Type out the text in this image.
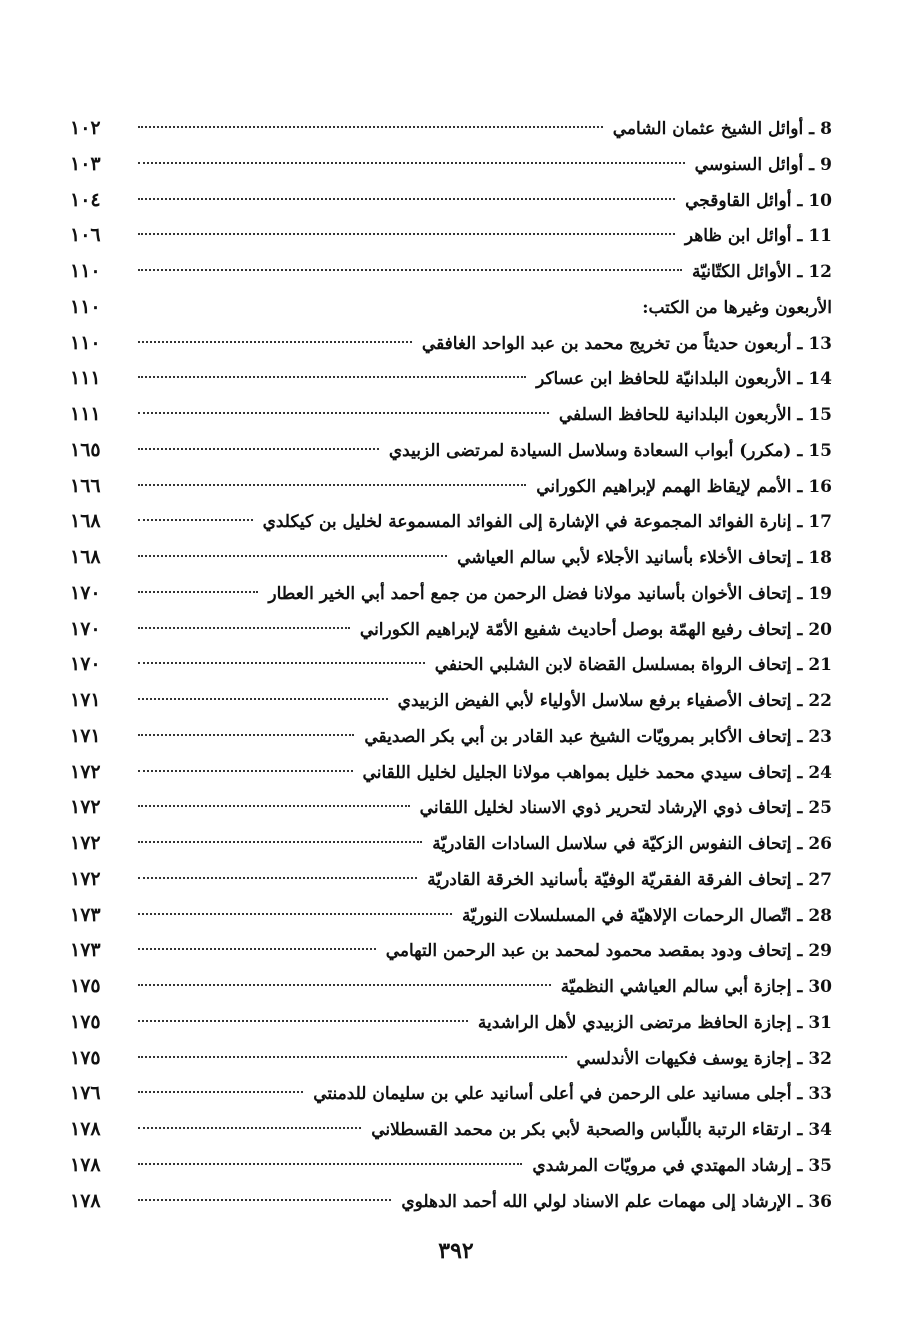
8ـ أوائل الشيخ عثمان الشامي
١٠٢
9ـ أوائل السنوسي
١٠٣
10ـ أوائل القاوقجي
١٠٤
11ـ أوائل ابن ظاهر
١٠٦
12ـ الأوائل الكتّانيّة
١١٠
الأربعون وغيرها من الكتب:
١١٠
13ـ أربعون حديثاً من تخريج محمد بن عبد الواحد الغافقي
١١٠
14ـ الأربعون البلدانيّة للحافظ ابن عساكر
١١١
15ـ الأربعون البلدانية للحافظ السلفي
١١١
15ـ (مكرر) أبواب السعادة وسلاسل السيادة لمرتضى الزبيدي
١٦٥
16ـ الأمم لإيقاظ الهمم لإبراهيم الكوراني
١٦٦
17ـ إنارة الفوائد المجموعة في الإشارة إلى الفوائد المسموعة لخليل بن كيكلدي
١٦٨
18ـ إتحاف الأخلاء بأسانيد الأجلاء لأبي سالم العياشي
١٦٨
19ـ إتحاف الأخوان بأسانيد مولانا فضل الرحمن من جمع أحمد أبي الخير العطار
١٧٠
20ـ إتحاف رفيع الهمّة بوصل أحاديث شفيع الأمّة لإبراهيم الكوراني
١٧٠
21ـ إتحاف الرواة بمسلسل القضاة لابن الشلبي الحنفي
١٧٠
22ـ إتحاف الأصفياء برفع سلاسل الأولياء لأبي الفيض الزبيدي
١٧١
23ـ إتحاف الأكابر بمرويّات الشيخ عبد القادر بن أبي بكر الصديقي
١٧١
24ـ إتحاف سيدي محمد خليل بمواهب مولانا الجليل لخليل اللقاني
١٧٢
25ـ إتحاف ذوي الإرشاد لتحرير ذوي الاسناد لخليل اللقاني
١٧٢
26ـ إتحاف النفوس الزكيّة في سلاسل السادات القادريّة
١٧٢
27ـ إتحاف الفرقة الفقريّة الوفيّة بأسانيد الخرقة القادريّة
١٧٢
28ـ اتّصال الرحمات الإلاهيّة في المسلسلات النوريّة
١٧٣
29ـ إتحاف ودود بمقصد محمود لمحمد بن عبد الرحمن التهامي
١٧٣
30ـ إجازة أبي سالم العياشي النظميّة
١٧٥
31ـ إجازة الحافظ مرتضى الزبيدي لأهل الراشدية
١٧٥
32ـ إجازة يوسف فكيهات الأندلسي
١٧٥
33ـ أجلى مسانيد على الرحمن في أعلى أسانيد علي بن سليمان للدمنتي
١٧٦
34ـ ارتقاء الرتبة باللّباس والصحبة لأبي بكر بن محمد القسطلاني
١٧٨
35ـ إرشاد المهتدي في مرويّات المرشدي
١٧٨
36ـ الإرشاد إلى مهمات علم الاسناد لولي الله أحمد الدهلوي
١٧٨
٣٩٢
